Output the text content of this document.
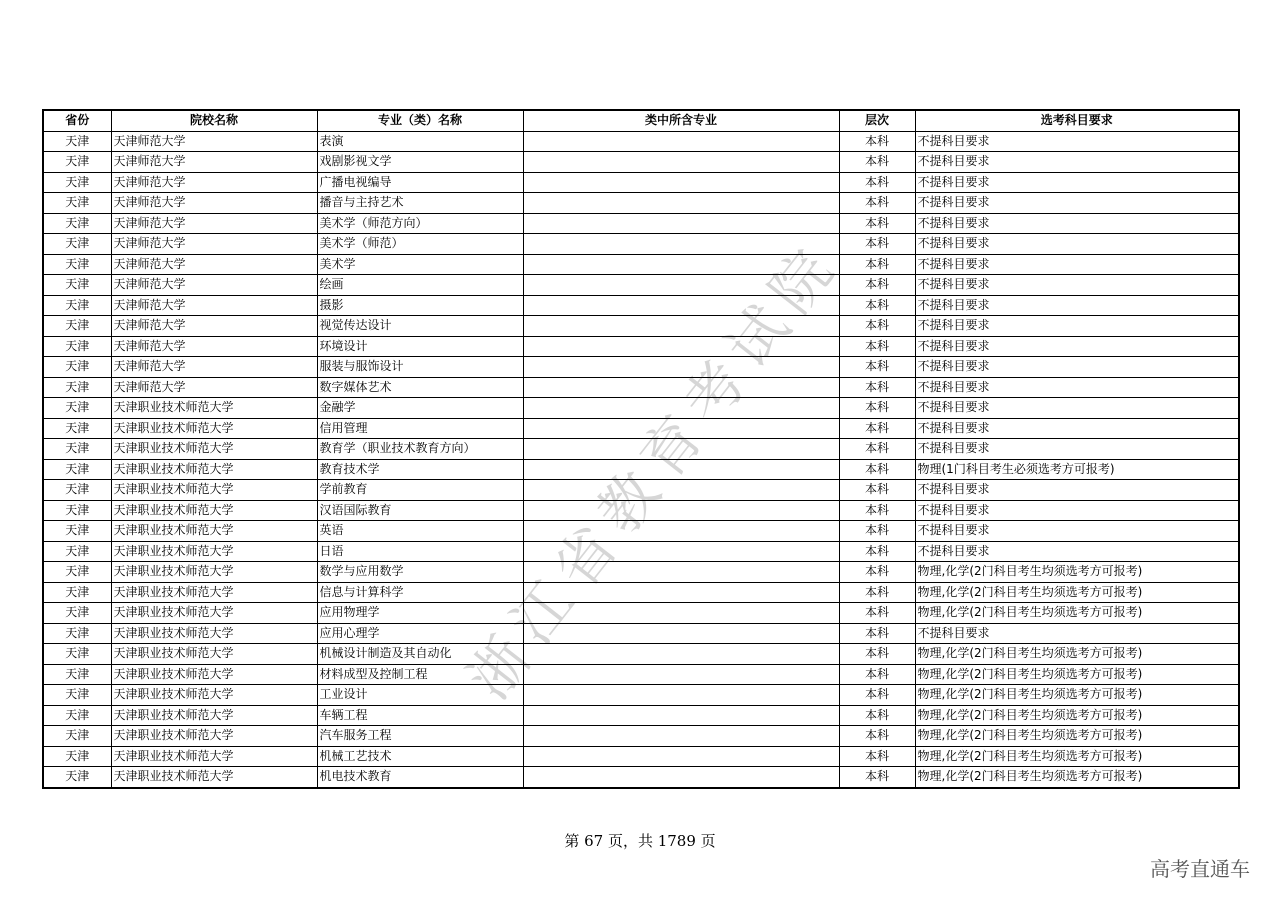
省份	院校名称	专业（类）名称	类中所含专业	层次	选考科目要求
天津	天津师范大学	表演		本科	不提科目要求
天津	天津师范大学	戏剧影视文学		本科	不提科目要求
天津	天津师范大学	广播电视编导		本科	不提科目要求
天津	天津师范大学	播音与主持艺术		本科	不提科目要求
天津	天津师范大学	美术学（师范方向）		本科	不提科目要求
天津	天津师范大学	美术学（师范）		本科	不提科目要求
天津	天津师范大学	美术学		本科	不提科目要求
天津	天津师范大学	绘画		本科	不提科目要求
天津	天津师范大学	摄影		本科	不提科目要求
天津	天津师范大学	视觉传达设计		本科	不提科目要求
天津	天津师范大学	环境设计		本科	不提科目要求
天津	天津师范大学	服装与服饰设计		本科	不提科目要求
天津	天津师范大学	数字媒体艺术		本科	不提科目要求
天津	天津职业技术师范大学	金融学		本科	不提科目要求
天津	天津职业技术师范大学	信用管理		本科	不提科目要求
天津	天津职业技术师范大学	教育学（职业技术教育方向）		本科	不提科目要求
天津	天津职业技术师范大学	教育技术学		本科	物理(1门科目考生必须选考方可报考)
天津	天津职业技术师范大学	学前教育		本科	不提科目要求
天津	天津职业技术师范大学	汉语国际教育		本科	不提科目要求
天津	天津职业技术师范大学	英语		本科	不提科目要求
天津	天津职业技术师范大学	日语		本科	不提科目要求
天津	天津职业技术师范大学	数学与应用数学		本科	物理,化学(2门科目考生均须选考方可报考)
天津	天津职业技术师范大学	信息与计算科学		本科	物理,化学(2门科目考生均须选考方可报考)
天津	天津职业技术师范大学	应用物理学		本科	物理,化学(2门科目考生均须选考方可报考)
天津	天津职业技术师范大学	应用心理学		本科	不提科目要求
天津	天津职业技术师范大学	机械设计制造及其自动化		本科	物理,化学(2门科目考生均须选考方可报考)
天津	天津职业技术师范大学	材料成型及控制工程		本科	物理,化学(2门科目考生均须选考方可报考)
天津	天津职业技术师范大学	工业设计		本科	物理,化学(2门科目考生均须选考方可报考)
天津	天津职业技术师范大学	车辆工程		本科	物理,化学(2门科目考生均须选考方可报考)
天津	天津职业技术师范大学	汽车服务工程		本科	物理,化学(2门科目考生均须选考方可报考)
天津	天津职业技术师范大学	机械工艺技术		本科	物理,化学(2门科目考生均须选考方可报考)
天津	天津职业技术师范大学	机电技术教育		本科	物理,化学(2门科目考生均须选考方可报考)
浙江省教育考试院
第 67 页，共 1789 页
高考直通车
